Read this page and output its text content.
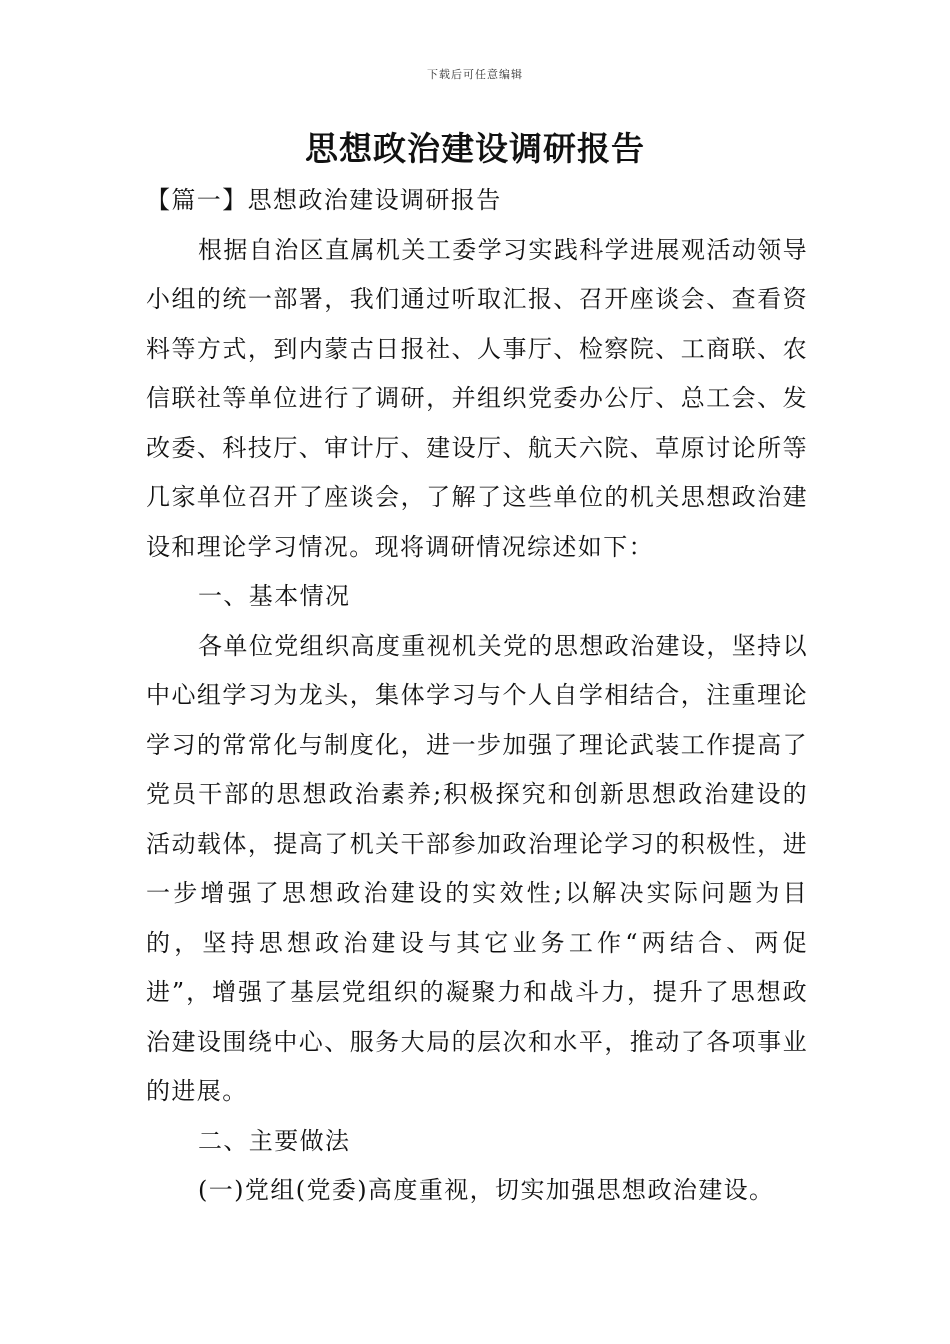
下载后可任意编辑
思想政治建设调研报告

【篇一】思想政治建设调研报告

根据自治区直属机关工委学习实践科学进展观活动领导小组的统一部署，我们通过听取汇报、召开座谈会、查看资料等方式，到内蒙古日报社、人事厅、检察院、工商联、农信联社等单位进行了调研，并组织党委办公厅、总工会、发改委、科技厅、审计厅、建设厅、航天六院、草原讨论所等几家单位召开了座谈会，了解了这些单位的机关思想政治建设和理论学习情况。现将调研情况综述如下：

一、基本情况

各单位党组织高度重视机关党的思想政治建设，坚持以中心组学习为龙头，集体学习与个人自学相结合，注重理论学习的常常化与制度化，进一步加强了理论武装工作提高了党员干部的思想政治素养;积极探究和创新思想政治建设的活动载体，提高了机关干部参加政治理论学习的积极性，进一步增强了思想政治建设的实效性;以解决实际问题为目的，坚持思想政治建设与其它业务工作“两结合、两促进”，增强了基层党组织的凝聚力和战斗力，提升了思想政治建设围绕中心、服务大局的层次和水平，推动了各项事业的进展。

二、主要做法

(一)党组(党委)高度重视，切实加强思想政治建设。
